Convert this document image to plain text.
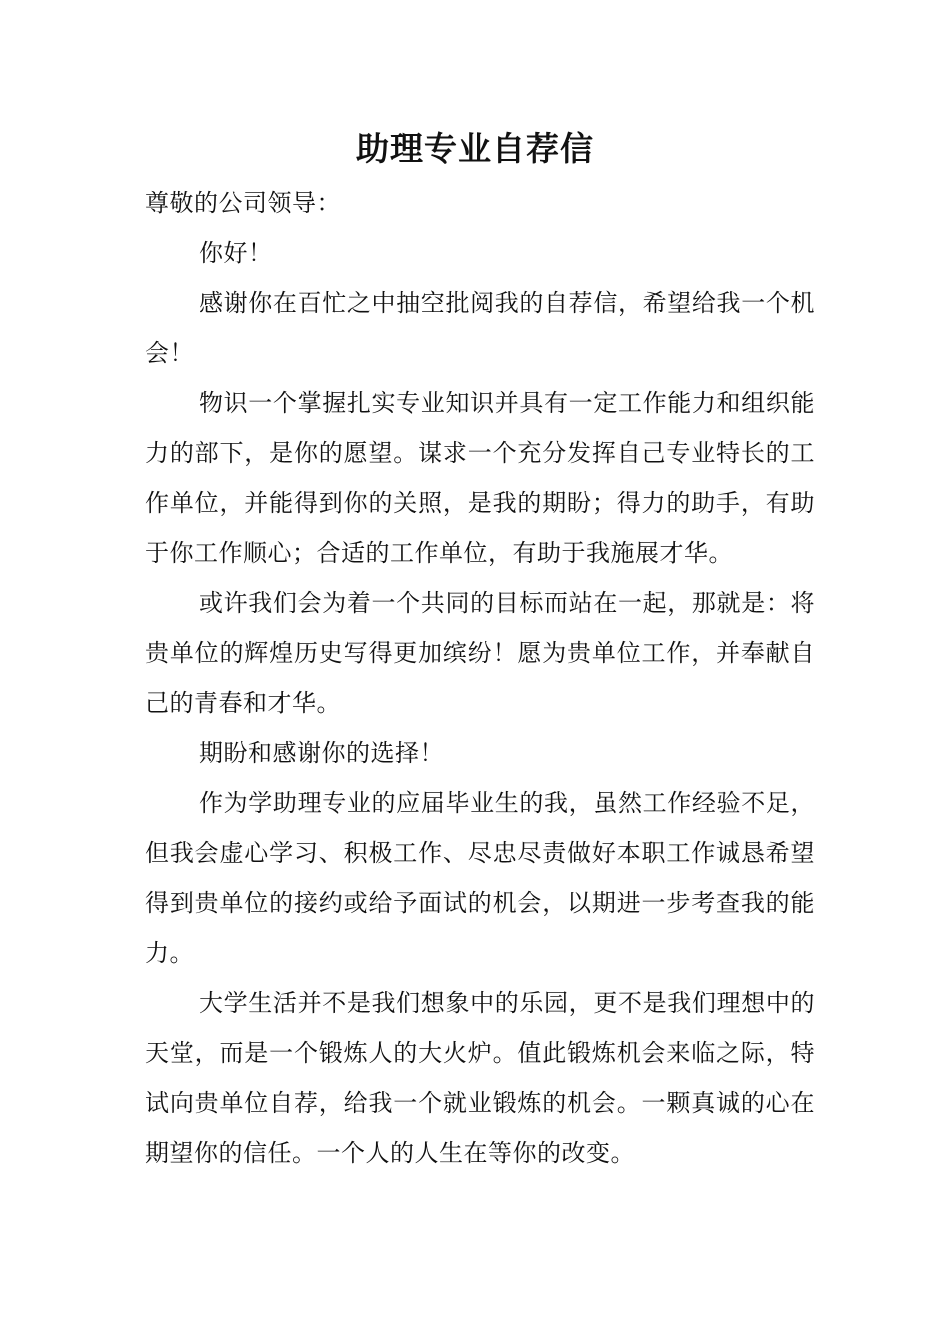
助理专业自荐信

尊敬的公司领导：

你好！

感谢你在百忙之中抽空批阅我的自荐信，希望给我一个机会！

物识一个掌握扎实专业知识并具有一定工作能力和组织能力的部下，是你的愿望。谋求一个充分发挥自己专业特长的工作单位，并能得到你的关照，是我的期盼；得力的助手，有助于你工作顺心；合适的工作单位，有助于我施展才华。

或许我们会为着一个共同的目标而站在一起，那就是：将贵单位的辉煌历史写得更加缤纷！愿为贵单位工作，并奉献自己的青春和才华。

期盼和感谢你的选择！

作为学助理专业的应届毕业生的我，虽然工作经验不足，但我会虚心学习、积极工作、尽忠尽责做好本职工作诚恳希望得到贵单位的接约或给予面试的机会，以期进一步考查我的能力。

大学生活并不是我们想象中的乐园，更不是我们理想中的天堂，而是一个锻炼人的大火炉。值此锻炼机会来临之际，特试向贵单位自荐，给我一个就业锻炼的机会。一颗真诚的心在期望你的信任。一个人的人生在等你的改变。
